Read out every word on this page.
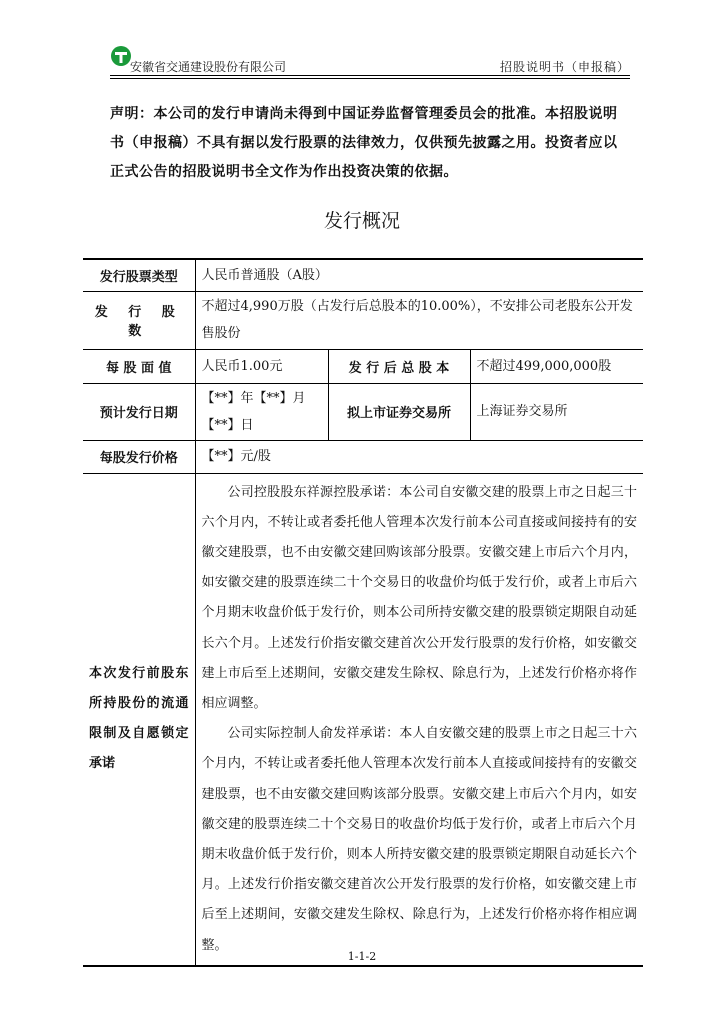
安徽省交通建设股份有限公司	招股说明书（申报稿）
声明：本公司的发行申请尚未得到中国证券监督管理委员会的批准。本招股说明书（申报稿）不具有据以发行股票的法律效力，仅供预先披露之用。投资者应以正式公告的招股说明书全文作为作出投资决策的依据。
发行概况
发行股票类型	人民币普通股（A股）		
发 行 股 数	不超过4,990万股（占发行后总股本的10.00%），不安排公司老股东公开发售股份		
每 股 面 值	人民币1.00元	发 行 后 总 股 本	不超过499,000,000股
预计发行日期	【**】年【**】月【**】日	拟上市证券交易所	上海证券交易所
每股发行价格	【**】元/股		
本次发行前股东所持股份的流通限制及自愿锁定承诺	公司控股股东祥源控股承诺：本公司自安徽交建的股票上市之日起三十六个月内，不转让或者委托他人管理本次发行前本公司直接或间接持有的安徽交建股票，也不由安徽交建回购该部分股票。安徽交建上市后六个月内，如安徽交建的股票连续二十个交易日的收盘价均低于发行价，或者上市后六个月期末收盘价低于发行价，则本公司所持安徽交建的股票锁定期限自动延长六个月。上述发行价指安徽交建首次公开发行股票的发行价格，如安徽交建上市后至上述期间，安徽交建发生除权、除息行为，上述发行价格亦将作相应调整。

公司实际控制人俞发祥承诺：本人自安徽交建的股票上市之日起三十六个月内，不转让或者委托他人管理本次发行前本人直接或间接持有的安徽交建股票，也不由安徽交建回购该部分股票。安徽交建上市后六个月内，如安徽交建的股票连续二十个交易日的收盘价均低于发行价，或者上市后六个月期末收盘价低于发行价，则本人所持安徽交建的股票锁定期限自动延长六个月。上述发行价指安徽交建首次公开发行股票的发行价格，如安徽交建上市后至上述期间，安徽交建发生除权、除息行为，上述发行价格亦将作相应调整。		

1-1-2
